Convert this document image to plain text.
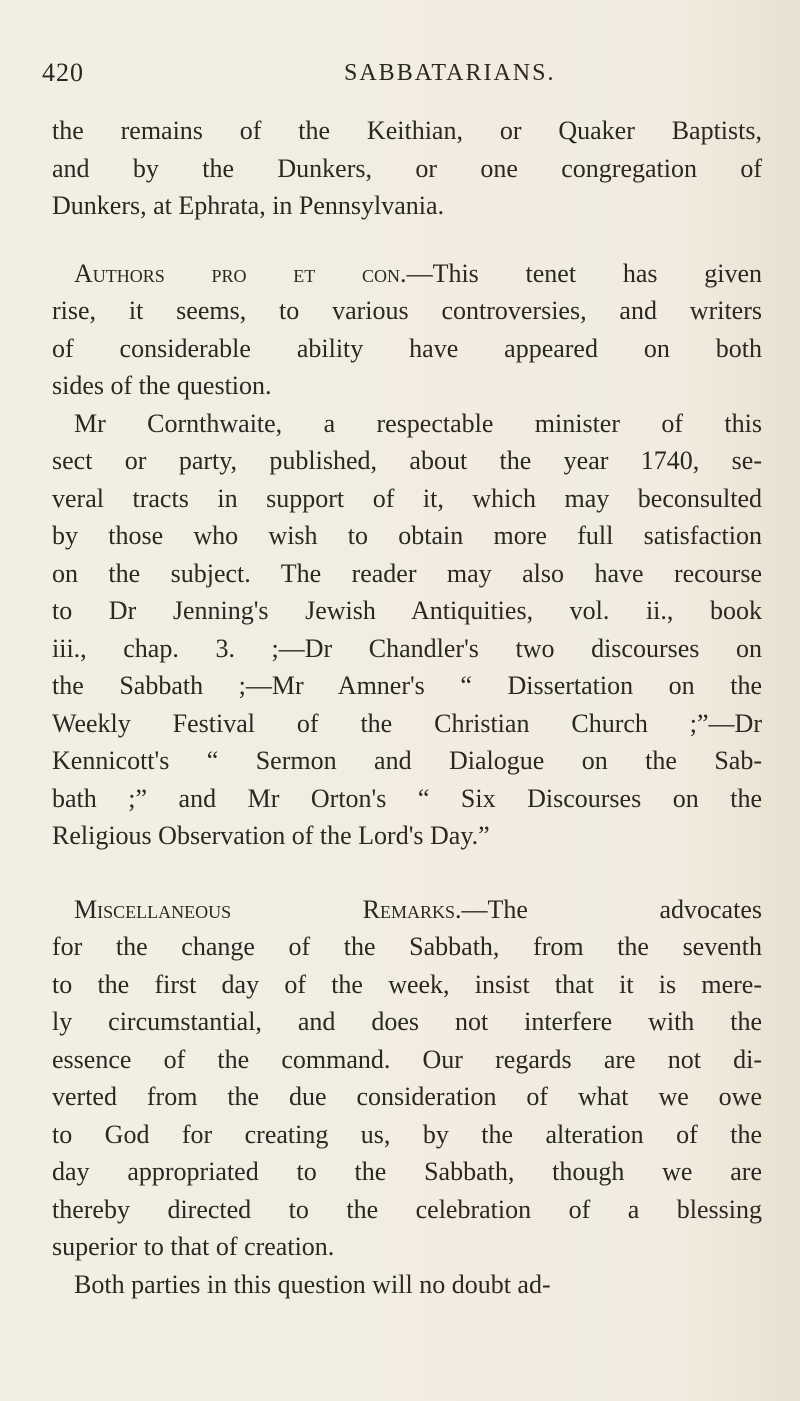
420	SABBATARIANS.
the remains of the Keithian, or Quaker Baptists,
and by the Dunkers, or one congregation of
Dunkers, at Ephrata, in Pennsylvania.
Authors pro et con.—This tenet has given
rise, it seems, to various controversies, and writers
of considerable ability have appeared on both
sides of the question.
Mr Cornthwaite, a respectable minister of this
sect or party, published, about the year 1740, se-
veral tracts in support of it, which may beconsulted
by those who wish to obtain more full satisfaction
on the subject. The reader may also have recourse
to Dr Jenning's Jewish Antiquities, vol. ii., book
iii., chap. 3. ;—Dr Chandler's two discourses on
the Sabbath ;—Mr Amner's “ Dissertation on the
Weekly Festival of the Christian Church ;”—Dr
Kennicott's “ Sermon and Dialogue on the Sab-
bath ;” and Mr Orton's “ Six Discourses on the
Religious Observation of the Lord's Day.”
Miscellaneous Remarks.—The advocates
for the change of the Sabbath, from the seventh
to the first day of the week, insist that it is mere-
ly circumstantial, and does not interfere with the
essence of the command. Our regards are not di-
verted from the due consideration of what we owe
to God for creating us, by the alteration of the
day appropriated to the Sabbath, though we are
thereby directed to the celebration of a blessing
superior to that of creation.
Both parties in this question will no doubt ad-
